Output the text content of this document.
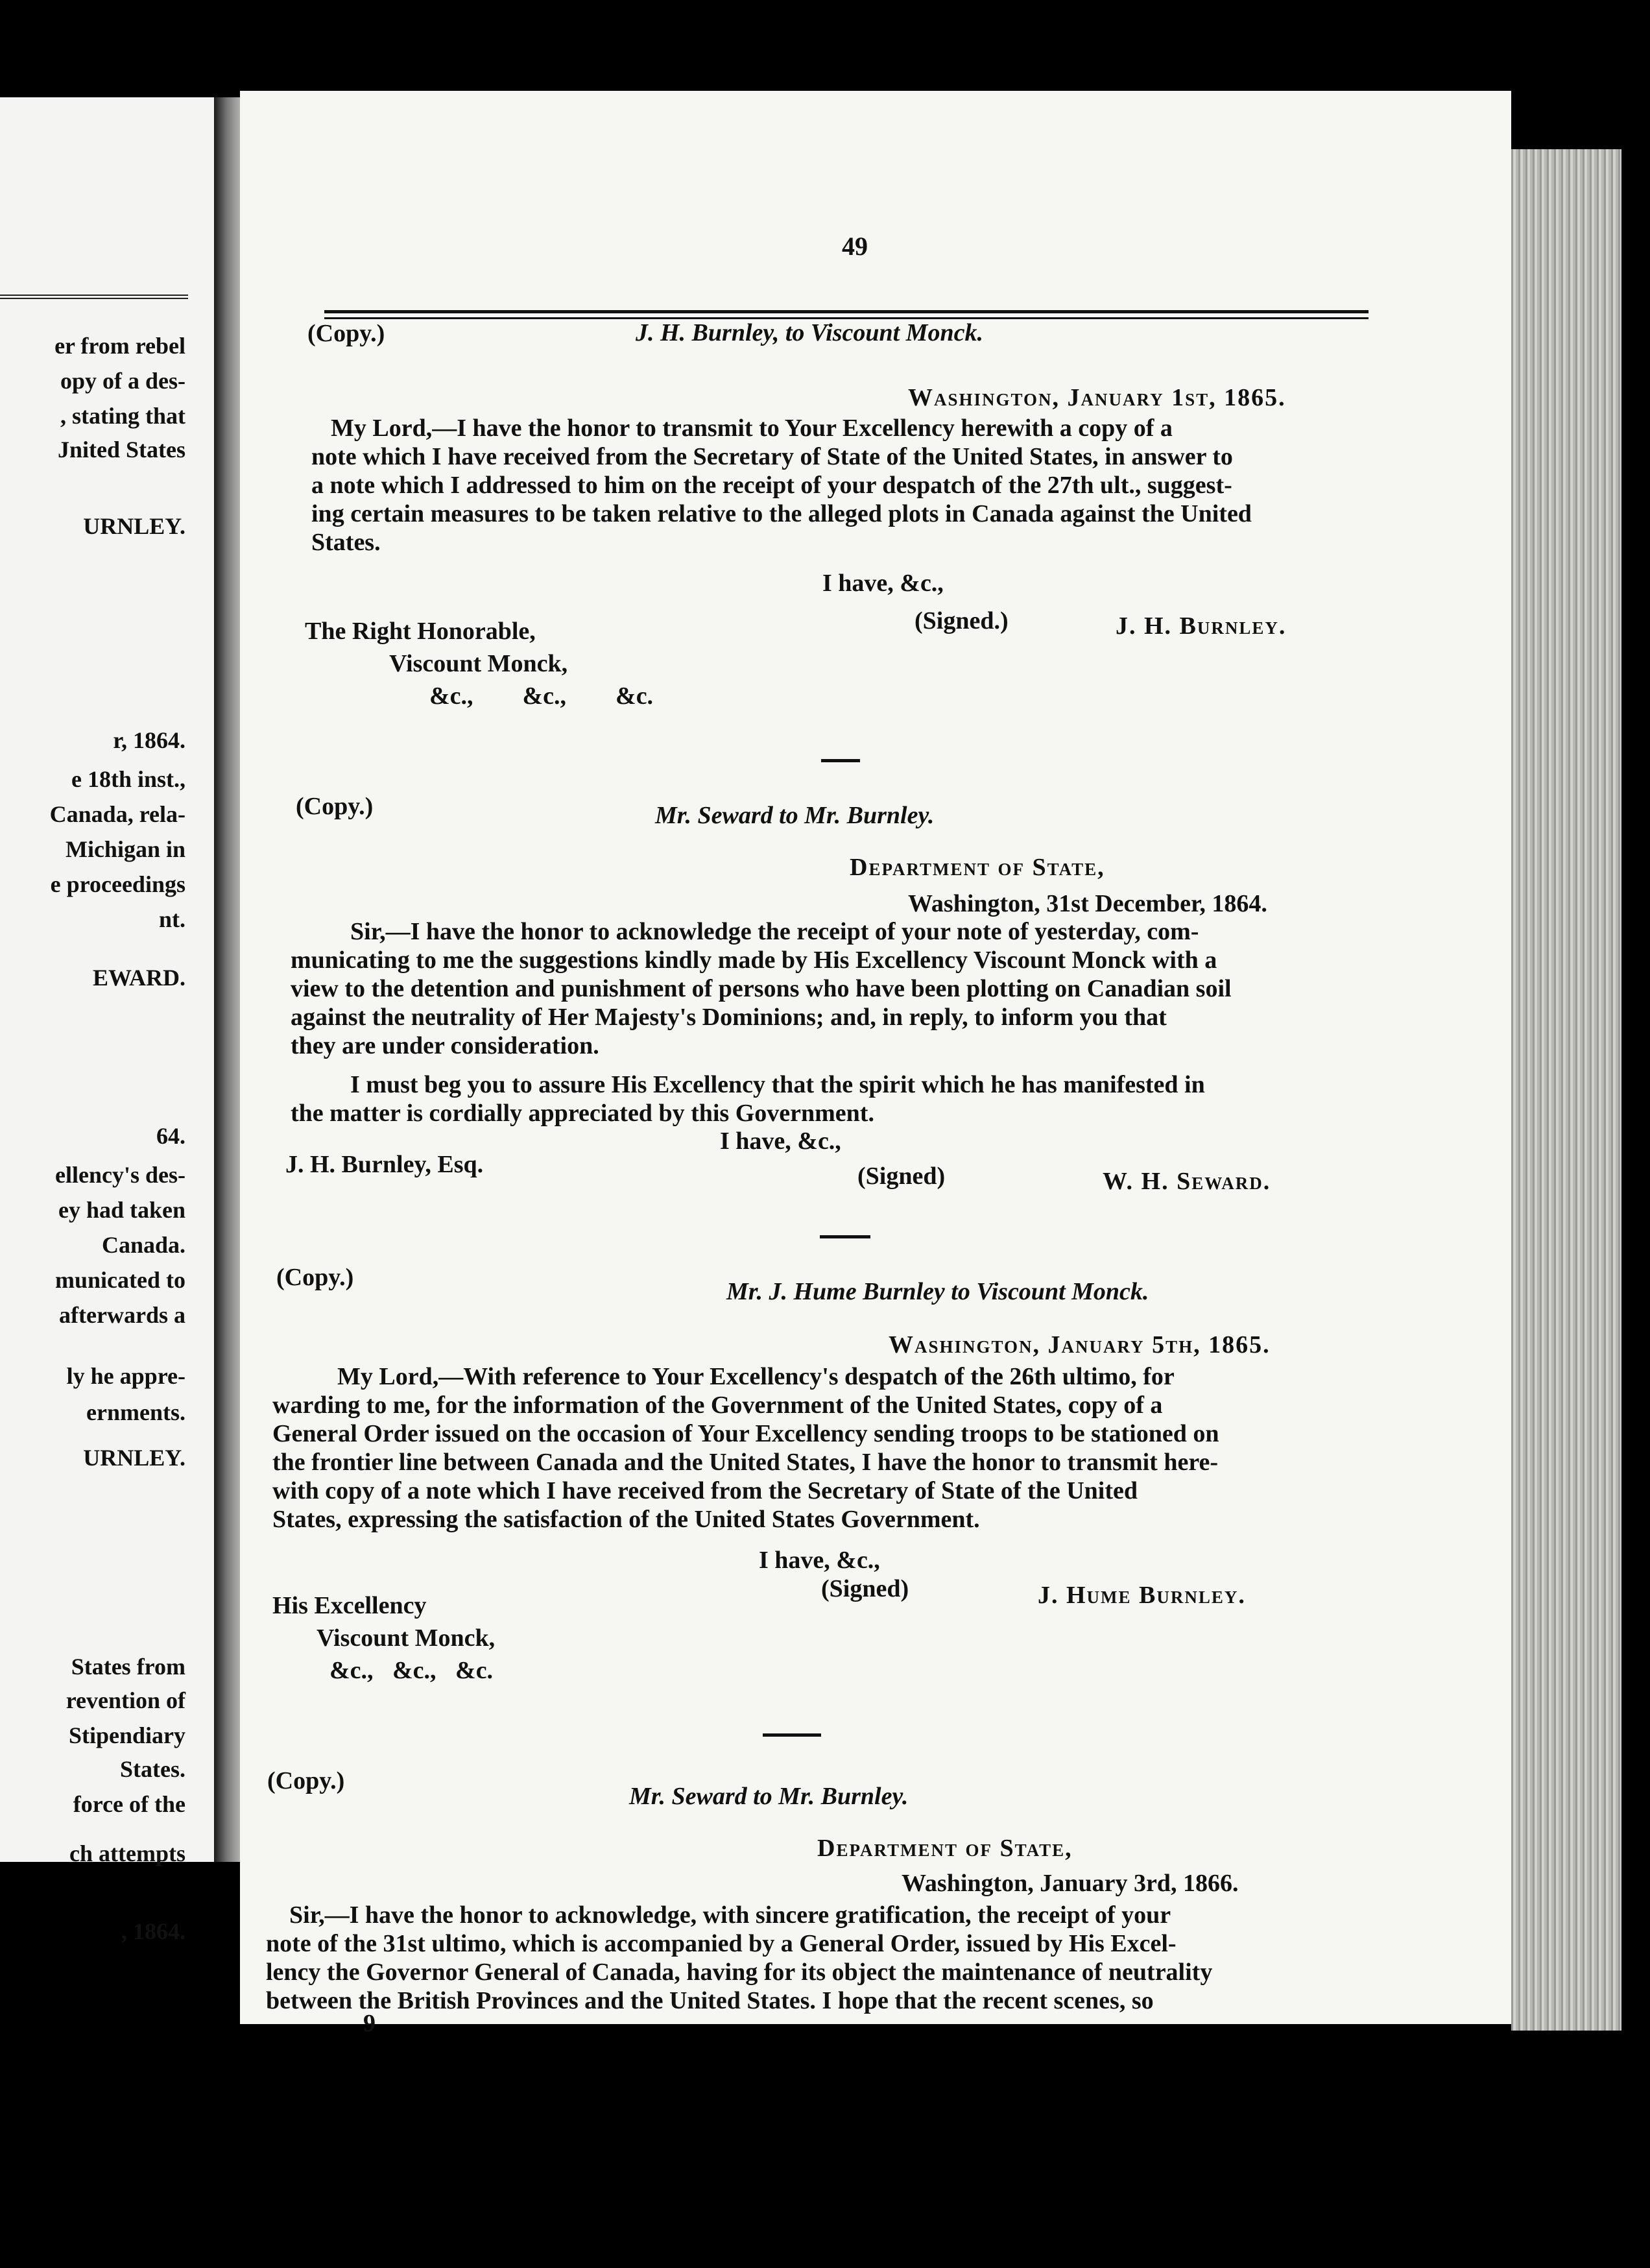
er from rebel
opy of a des-
, stating that
Jnited States
URNLEY.
r, 1864.
e 18th inst.,
Canada, rela-
Michigan in
e proceedings
nt.
EWARD.
64.
ellency's des-
ey had taken
Canada.
municated to
afterwards a
ly he appre-
ernments.
URNLEY.
States from
revention of
Stipendiary
States.
force of the
ch attempts
, 1864.
49
(Copy.)	J. H. Burnley, to Viscount Monck.
Washington, January 1st, 1865.
My Lord,—I have the honor to transmit to Your Excellency herewith a copy of a
note which I have received from the Secretary of State of the United States, in answer to
a note which I addressed to him on the receipt of your despatch of the 27th ult., suggest-
ing certain measures to be taken relative to the alleged plots in Canada against the United
States.
I have, &c.,
(Signed.)	J. H. Burnley.
The Right Honorable,
Viscount Monck,
&c.,        &c.,        &c.
(Copy.)	Mr. Seward to Mr. Burnley.
Department of State,
Washington, 31st December, 1864.
Sir,—I have the honor to acknowledge the receipt of your note of yesterday, com-
municating to me the suggestions kindly made by His Excellency Viscount Monck with a
view to the detention and punishment of persons who have been plotting on Canadian soil
against the neutrality of Her Majesty's Dominions; and, in reply, to inform you that
they are under consideration.
I must beg you to assure His Excellency that the spirit which he has manifested in
the matter is cordially appreciated by this Government.
I have, &c.,
J. H. Burnley, Esq.	(Signed)	W. H. Seward.
(Copy.)
Mr. J. Hume Burnley to Viscount Monck.
Washington, January 5th, 1865.
My Lord,—With reference to Your Excellency's despatch of the 26th ultimo, for
warding to me, for the information of the Government of the United States, copy of a
General Order issued on the occasion of Your Excellency sending troops to be stationed on
the frontier line between Canada and the United States, I have the honor to transmit here-
with copy of a note which I have received from the Secretary of State of the United
States, expressing the satisfaction of the United States Government.
I have, &c.,
(Signed)	J. Hume Burnley.
His Excellency
Viscount Monck,
&c., &c., &c.
(Copy.)
Mr. Seward to Mr. Burnley.
Department of State,
Washington, January 3rd, 1866.
Sir,—I have the honor to acknowledge, with sincere gratification, the receipt of your
note of the 31st ultimo, which is accompanied by a General Order, issued by His Excel-
lency the Governor General of Canada, having for its object the maintenance of neutrality
between the British Provinces and the United States. I hope that the recent scenes, so
9
